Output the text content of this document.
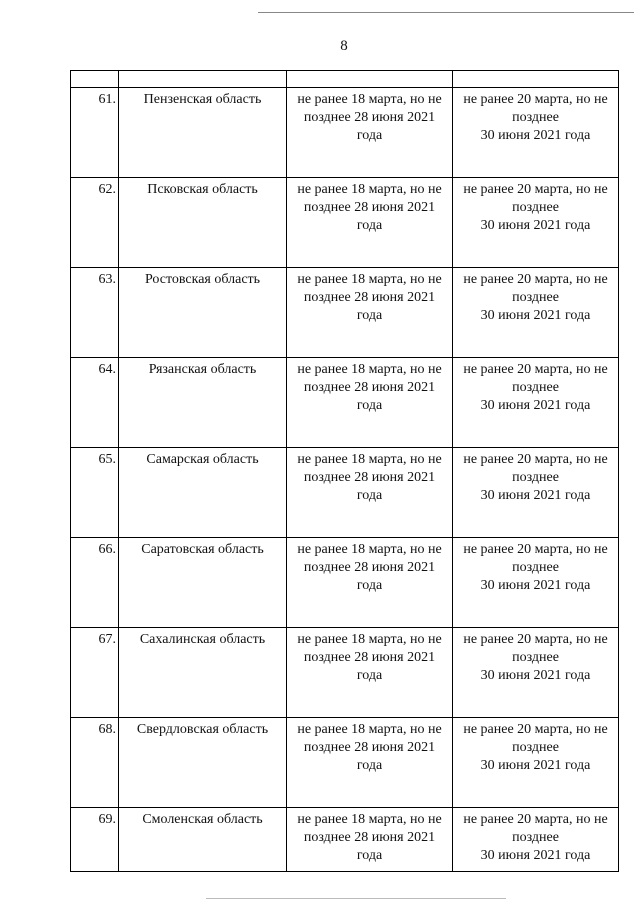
8

61.	Пензенская область	не ранее 18 марта, но не
позднее 28 июня 2021
года	не ранее 20 марта, но не
позднее
30 июня 2021 года

62.	Псковская область	не ранее 18 марта, но не
позднее 28 июня 2021
года	не ранее 20 марта, но не
позднее
30 июня 2021 года

63.	Ростовская область	не ранее 18 марта, но не
позднее 28 июня 2021
года	не ранее 20 марта, но не
позднее
30 июня 2021 года

64.	Рязанская область	не ранее 18 марта, но не
позднее 28 июня 2021
года	не ранее 20 марта, но не
позднее
30 июня 2021 года

65.	Самарская область	не ранее 18 марта, но не
позднее 28 июня 2021
года	не ранее 20 марта, но не
позднее
30 июня 2021 года

66.	Саратовская область	не ранее 18 марта, но не
позднее 28 июня 2021
года	не ранее 20 марта, но не
позднее
30 июня 2021 года

67.	Сахалинская область	не ранее 18 марта, но не
позднее 28 июня 2021
года	не ранее 20 марта, но не
позднее
30 июня 2021 года

68.	Свердловская область	не ранее 18 марта, но не
позднее 28 июня 2021
года	не ранее 20 марта, но не
позднее
30 июня 2021 года

69.	Смоленская область	не ранее 18 марта, но не
позднее 28 июня 2021
года	не ранее 20 марта, но не
позднее
30 июня 2021 года
